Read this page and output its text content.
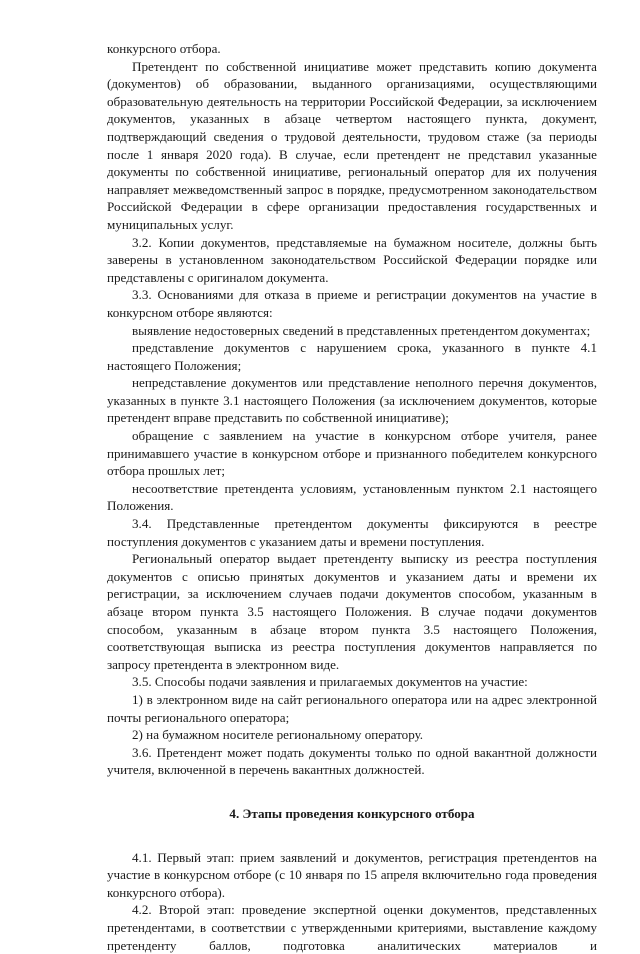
конкурсного отбора.

Претендент по собственной инициативе может представить копию документа (документов) об образовании, выданного организациями, осуществляющими образовательную деятельность на территории Российской Федерации, за исключением документов, указанных в абзаце четвертом настоящего пункта, документ, подтверждающий сведения о трудовой деятельности, трудовом стаже (за периоды после 1 января 2020 года). В случае, если претендент не представил указанные документы по собственной инициативе, региональный оператор для их получения направляет межведомственный запрос в порядке, предусмотренном законодательством Российской Федерации в сфере организации предоставления государственных и муниципальных услуг.

3.2. Копии документов, представляемые на бумажном носителе, должны быть заверены в установленном законодательством Российской Федерации порядке или представлены с оригиналом документа.

3.3. Основаниями для отказа в приеме и регистрации документов на участие в конкурсном отборе являются:

выявление недостоверных сведений в представленных претендентом документах;

представление документов с нарушением срока, указанного в пункте 4.1 настоящего Положения;

непредставление документов или представление неполного перечня документов, указанных в пункте 3.1 настоящего Положения (за исключением документов, которые претендент вправе представить по собственной инициативе);

обращение с заявлением на участие в конкурсном отборе учителя, ранее принимавшего участие в конкурсном отборе и признанного победителем конкурсного отбора прошлых лет;

несоответствие претендента условиям, установленным пунктом 2.1 настоящего Положения.

3.4. Представленные претендентом документы фиксируются в реестре поступления документов с указанием даты и времени поступления.

Региональный оператор выдает претенденту выписку из реестра поступления документов с описью принятых документов и указанием даты и времени их регистрации, за исключением случаев подачи документов способом, указанным в абзаце втором пункта 3.5 настоящего Положения. В случае подачи документов способом, указанным в абзаце втором пункта 3.5 настоящего Положения, соответствующая выписка из реестра поступления документов направляется по запросу претендента в электронном виде.

3.5. Способы подачи заявления и прилагаемых документов на участие:

1) в электронном виде на сайт регионального оператора или на адрес электронной почты регионального оператора;

2) на бумажном носителе региональному оператору.

3.6. Претендент может подать документы только по одной вакантной должности учителя, включенной в перечень вакантных должностей.

4. Этапы проведения конкурсного отбора

4.1. Первый этап: прием заявлений и документов, регистрация претендентов на участие в конкурсном отборе (с 10 января по 15 апреля включительно года проведения конкурсного отбора).

4.2. Второй этап: проведение экспертной оценки документов, представленных претендентами, в соответствии с утвержденными критериями, выставление каждому претенденту баллов, подготовка аналитических материалов и
